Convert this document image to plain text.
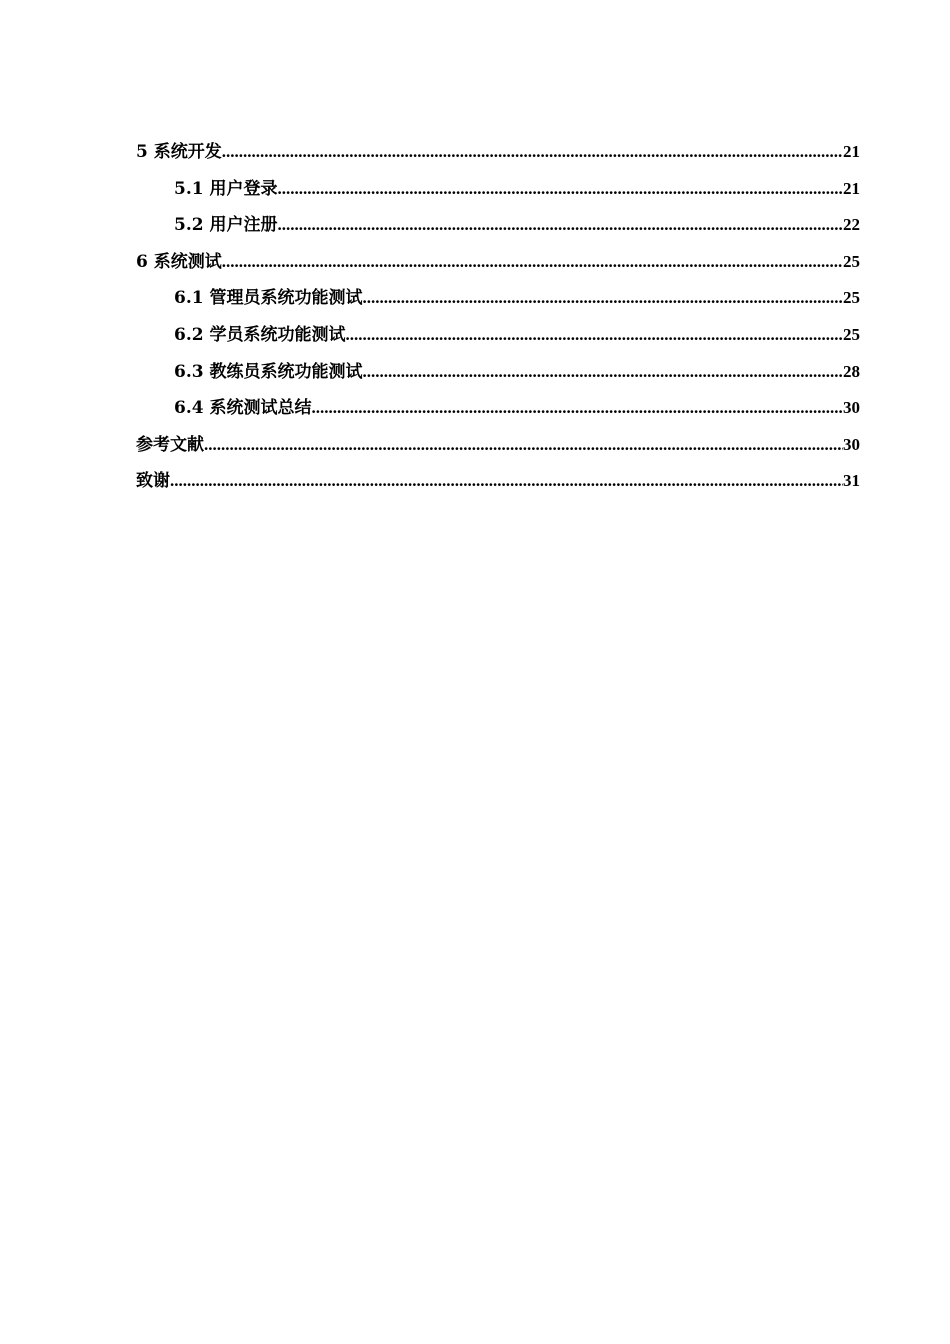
5 系统开发 .....	21
5.1 用户登录 .....	21
5.2 用户注册 .....	22
6 系统测试 .....	25
6.1 管理员系统功能测试 .....	25
6.2 学员系统功能测试 .....	25
6.3 教练员系统功能测试 .....	28
6.4 系统测试总结 .....	30
参考文献 .....	30
致谢 .....	31
